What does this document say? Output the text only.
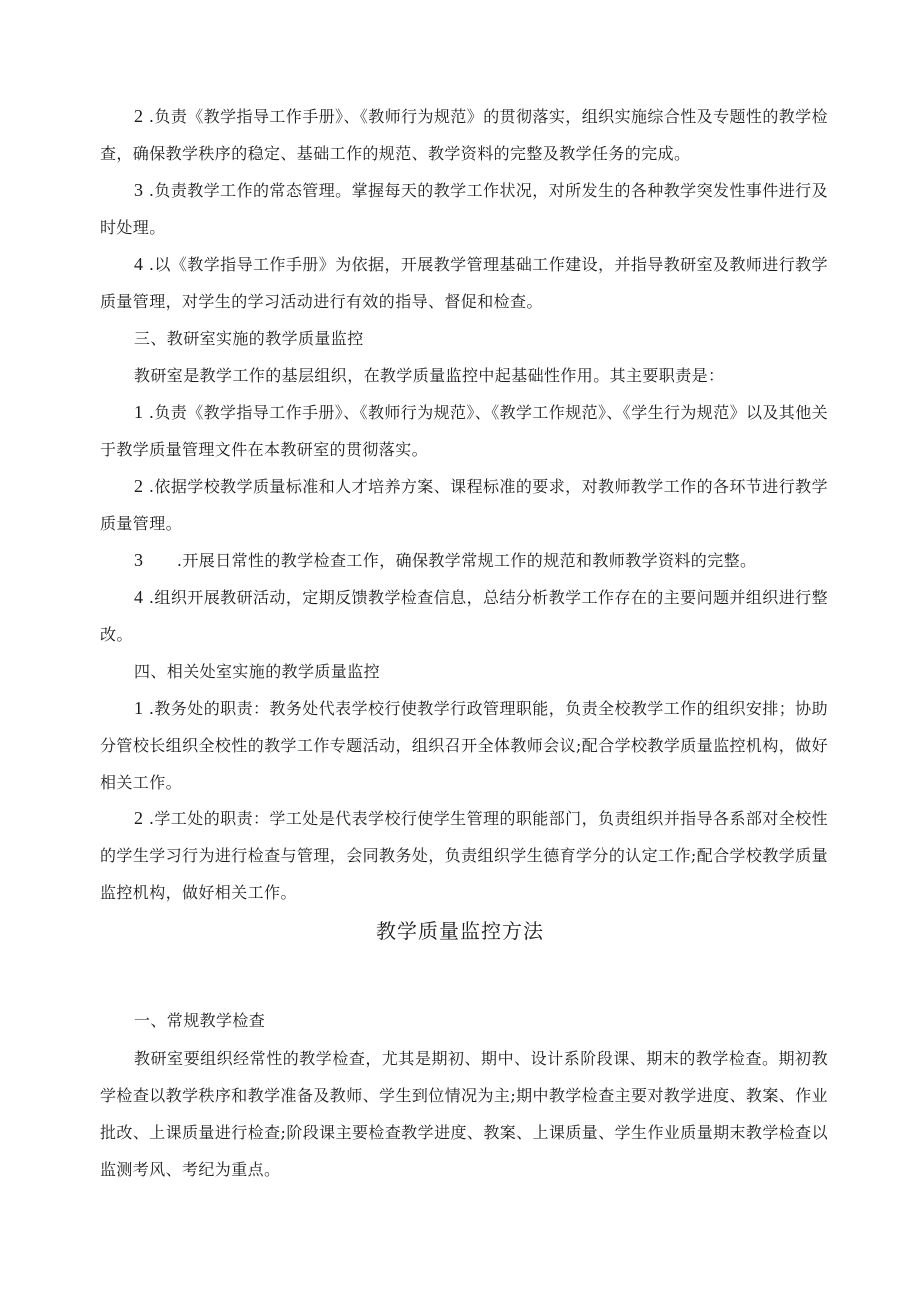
2 .负责《教学指导工作手册》、《教师行为规范》的贯彻落实，组织实施综合性及专题性的教学检查，确保教学秩序的稳定、基础工作的规范、教学资料的完整及教学任务的完成。
3 .负责教学工作的常态管理。掌握每天的教学工作状况，对所发生的各种教学突发性事件进行及时处理。
4 .以《教学指导工作手册》为依据，开展教学管理基础工作建设，并指导教研室及教师进行教学质量管理，对学生的学习活动进行有效的指导、督促和检查。
三、教研室实施的教学质量监控
教研室是教学工作的基层组织，在教学质量监控中起基础性作用。其主要职责是：
1 .负责《教学指导工作手册》、《教师行为规范》、《教学工作规范》、《学生行为规范》以及其他关于教学质量管理文件在本教研室的贯彻落实。
2 .依据学校教学质量标准和人才培养方案、课程标准的要求，对教师教学工作的各环节进行教学质量管理。
3 .开展日常性的教学检查工作，确保教学常规工作的规范和教师教学资料的完整。
4 .组织开展教研活动，定期反馈教学检查信息，总结分析教学工作存在的主要问题并组织进行整改。
四、相关处室实施的教学质量监控
1 .教务处的职责：教务处代表学校行使教学行政管理职能，负责全校教学工作的组织安排；协助分管校长组织全校性的教学工作专题活动，组织召开全体教师会议;配合学校教学质量监控机构，做好相关工作。
2 .学工处的职责：学工处是代表学校行使学生管理的职能部门，负责组织并指导各系部对全校性的学生学习行为进行检查与管理，会同教务处，负责组织学生德育学分的认定工作;配合学校教学质量监控机构，做好相关工作。
教学质量监控方法
一、常规教学检查
教研室要组织经常性的教学检查，尤其是期初、期中、设计系阶段课、期末的教学检查。期初教学检查以教学秩序和教学准备及教师、学生到位情况为主;期中教学检查主要对教学进度、教案、作业批改、上课质量进行检查;阶段课主要检查教学进度、教案、上课质量、学生作业质量期末教学检查以监测考风、考纪为重点。
